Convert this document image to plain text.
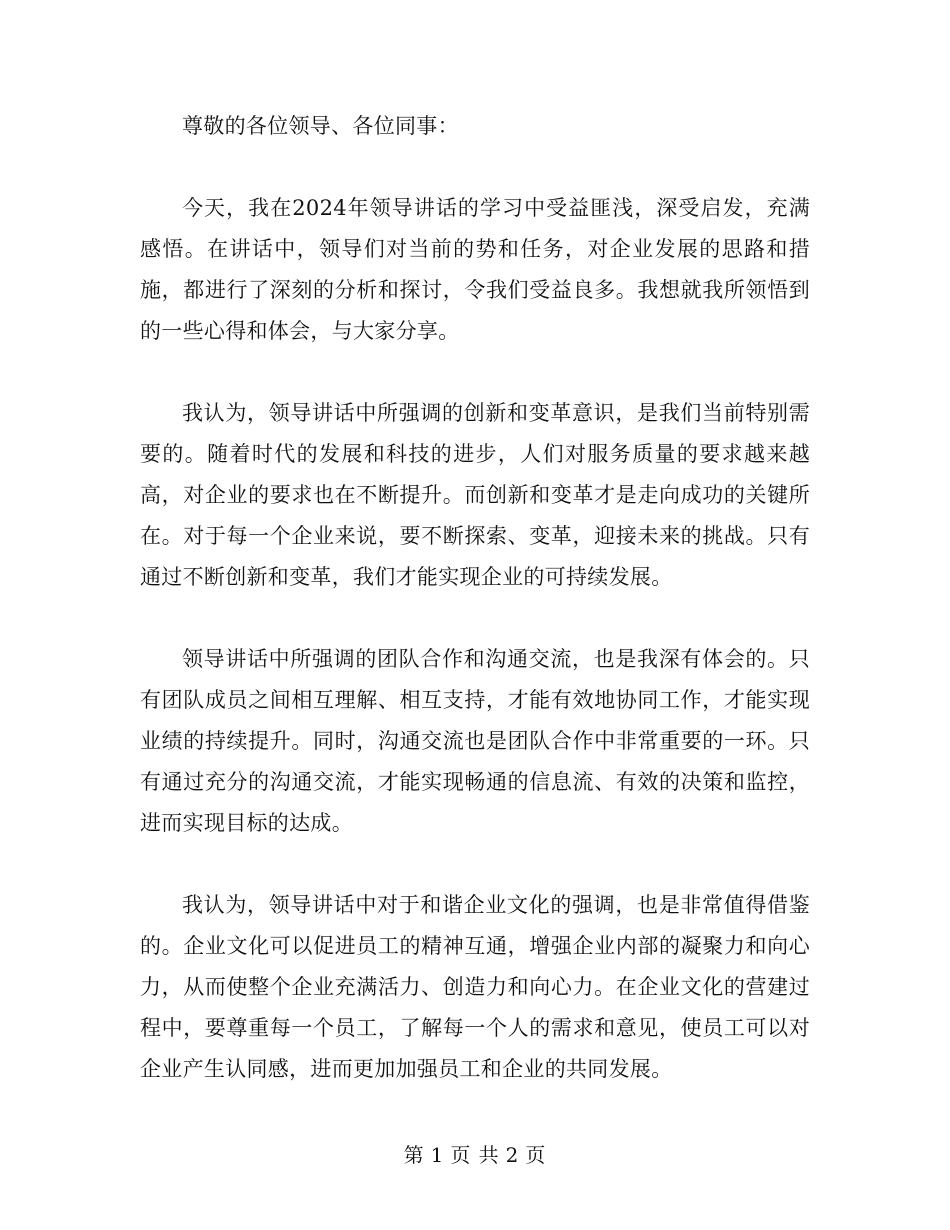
尊敬的各位领导、各位同事：

今天，我在2024年领导讲话的学习中受益匪浅，深受启发，充满感悟。在讲话中，领导们对当前的势和任务，对企业发展的思路和措施，都进行了深刻的分析和探讨，令我们受益良多。我想就我所领悟到的一些心得和体会，与大家分享。

我认为，领导讲话中所强调的创新和变革意识，是我们当前特别需要的。随着时代的发展和科技的进步，人们对服务质量的要求越来越高，对企业的要求也在不断提升。而创新和变革才是走向成功的关键所在。对于每一个企业来说，要不断探索、变革，迎接未来的挑战。只有通过不断创新和变革，我们才能实现企业的可持续发展。

领导讲话中所强调的团队合作和沟通交流，也是我深有体会的。只有团队成员之间相互理解、相互支持，才能有效地协同工作，才能实现业绩的持续提升。同时，沟通交流也是团队合作中非常重要的一环。只有通过充分的沟通交流，才能实现畅通的信息流、有效的决策和监控，进而实现目标的达成。

我认为，领导讲话中对于和谐企业文化的强调，也是非常值得借鉴的。企业文化可以促进员工的精神互通，增强企业内部的凝聚力和向心力，从而使整个企业充满活力、创造力和向心力。在企业文化的营建过程中，要尊重每一个员工，了解每一个人的需求和意见，使员工可以对企业产生认同感，进而更加加强员工和企业的共同发展。

第 1 页 共 2 页
